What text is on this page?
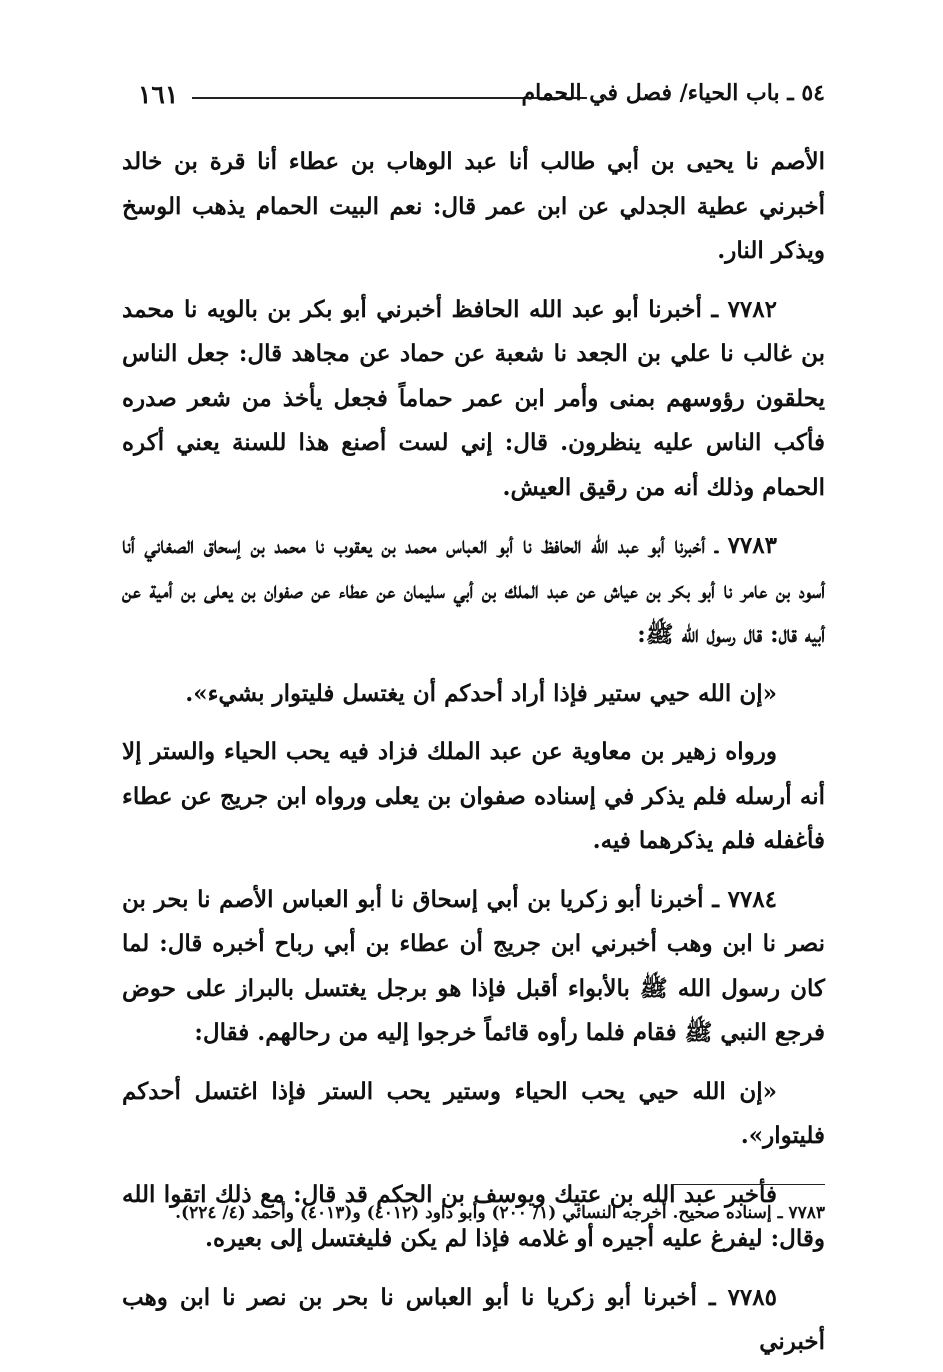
١٦١	٥٤ ـ باب الحياء/ فصل في الحمام

الأصم نا يحيى بن أبي طالب أنا عبد الوهاب بن عطاء أنا قرة بن خالد أخبرني عطية الجدلي عن ابن عمر قال: نعم البيت الحمام يذهب الوسخ ويذكر النار.

٧٧٨٢ ـ أخبرنا أبو عبد الله الحافظ أخبرني أبو بكر بن بالويه نا محمد بن غالب نا علي بن الجعد نا شعبة عن حماد عن مجاهد قال: جعل الناس يحلقون رؤوسهم بمنى وأمر ابن عمر حماماً فجعل يأخذ من شعر صدره فأكب الناس عليه ينظرون. قال: إني لست أصنع هذا للسنة يعني أكره الحمام وذلك أنه من رقيق العيش.

٧٧٨٣ ـ أخبرنا أبو عبد الله الحافظ نا أبو العباس محمد بن يعقوب نا محمد بن إسحاق الصغاني أنا أسود بن عامر نا أبو بكر بن عياش عن عبد الملك بن أبي سليمان عن عطاء عن صفوان بن يعلى بن أمية عن أبيه قال: قال رسول الله ﷺ:

«إن الله حيي ستير فإذا أراد أحدكم أن يغتسل فليتوار بشيء».

ورواه زهير بن معاوية عن عبد الملك فزاد فيه يحب الحياء والستر إلا أنه أرسله فلم يذكر في إسناده صفوان بن يعلى ورواه ابن جريج عن عطاء فأغفله فلم يذكرهما فيه.

٧٧٨٤ ـ أخبرنا أبو زكريا بن أبي إسحاق نا أبو العباس الأصم نا بحر بن نصر نا ابن وهب أخبرني ابن جريج أن عطاء بن أبي رباح أخبره قال: لما كان رسول الله ﷺ بالأبواء أقبل فإذا هو برجل يغتسل بالبراز على حوض فرجع النبي ﷺ فقام فلما رأوه قائماً خرجوا إليه من رحالهم. فقال:

«إن الله حيي يحب الحياء وستير يحب الستر فإذا اغتسل أحدكم فليتوار».

فأخبر عبد الله بن عتيك ويوسف بن الحكم قد قال: مع ذلك اتقوا الله وقال: ليفرغ عليه أجيره أو غلامه فإذا لم يكن فليغتسل إلى بعيره.

٧٧٨٥ ـ أخبرنا أبو زكريا نا أبو العباس نا بحر بن نصر نا ابن وهب أخبرني

٧٧٨٣ ـ إسناده صحيح. أخرجه النسائي (١/ ٢٠٠) وأبو داود (٤٠١٢) و(٤٠١٣) وأحمد (٤/ ٢٢٤).
